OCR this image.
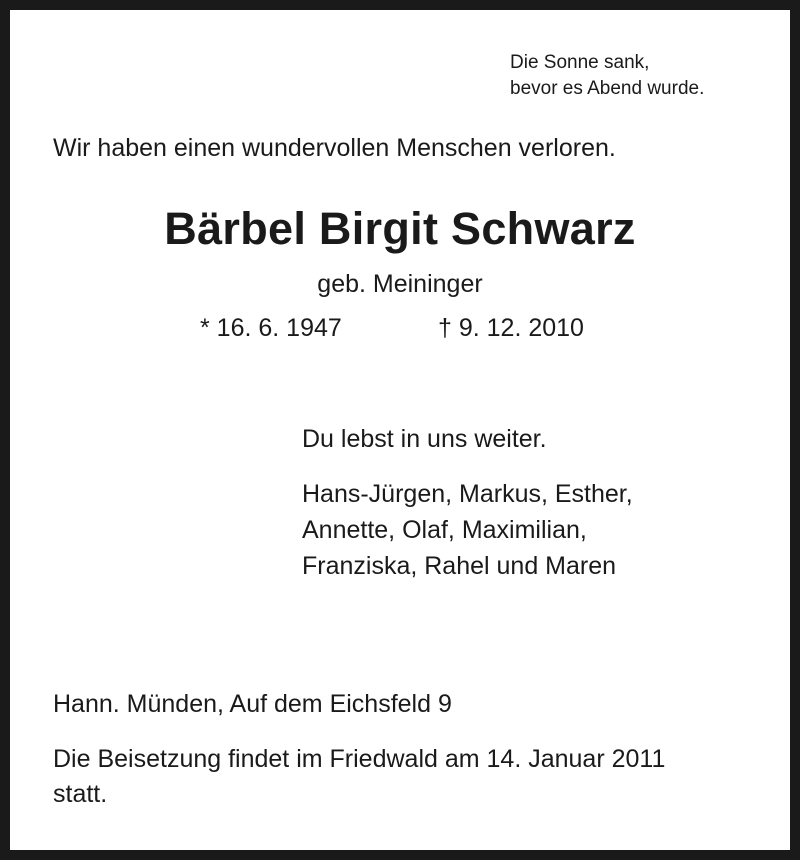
Die Sonne sank,
bevor es Abend wurde.

Wir haben einen wundervollen Menschen verloren.

Bärbel Birgit Schwarz

geb. Meininger

* 16. 6. 1947	† 9. 12. 2010

Du lebst in uns weiter.

Hans-Jürgen, Markus, Esther,
Annette, Olaf, Maximilian,
Franziska, Rahel und Maren

Hann. Münden, Auf dem Eichsfeld 9

Die Beisetzung findet im Friedwald am 14. Januar 2011
statt.
